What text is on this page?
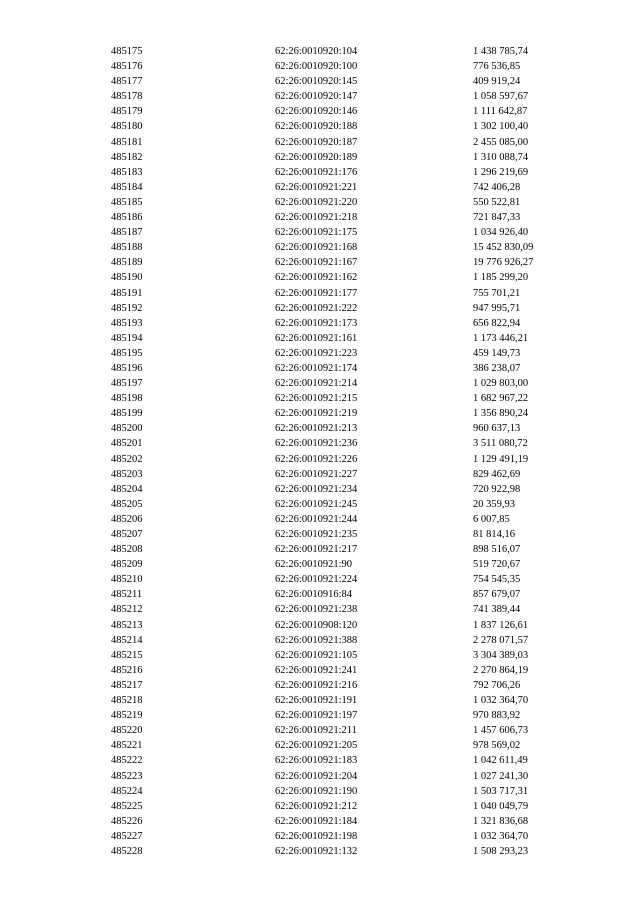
485175	62:26:0010920:104	1 438 785,74
485176	62:26:0010920:100	776 536,85
485177	62:26:0010920:145	409 919,24
485178	62:26:0010920:147	1 058 597,67
485179	62:26:0010920:146	1 111 642,87
485180	62:26:0010920:188	1 302 100,40
485181	62:26:0010920:187	2 455 085,00
485182	62:26:0010920:189	1 310 088,74
485183	62:26:0010921:176	1 296 219,69
485184	62:26:0010921:221	742 406,28
485185	62:26:0010921:220	550 522,81
485186	62:26:0010921:218	721 847,33
485187	62:26:0010921:175	1 034 926,40
485188	62:26:0010921:168	15 452 830,09
485189	62:26:0010921:167	19 776 926,27
485190	62:26:0010921:162	1 185 299,20
485191	62:26:0010921:177	755 701,21
485192	62:26:0010921:222	947 995,71
485193	62:26:0010921:173	656 822,94
485194	62:26:0010921:161	1 173 446,21
485195	62:26:0010921:223	459 149,73
485196	62:26:0010921:174	386 238,07
485197	62:26:0010921:214	1 029 803,00
485198	62:26:0010921:215	1 682 967,22
485199	62:26:0010921:219	1 356 890,24
485200	62:26:0010921:213	960 637,13
485201	62:26:0010921:236	3 511 080,72
485202	62:26:0010921:226	1 129 491,19
485203	62:26:0010921:227	829 462,69
485204	62:26:0010921:234	720 922,98
485205	62:26:0010921:245	20 359,93
485206	62:26:0010921:244	6 007,85
485207	62:26:0010921:235	81 814,16
485208	62:26:0010921:217	898 516,07
485209	62:26:0010921:90	519 720,67
485210	62:26:0010921:224	754 545,35
485211	62:26:0010916:84	857 679,07
485212	62:26:0010921:238	741 389,44
485213	62:26:0010908:120	1 837 126,61
485214	62:26:0010921:388	2 278 071,57
485215	62:26:0010921:105	3 304 389,03
485216	62:26:0010921:241	2 270 864,19
485217	62:26:0010921:216	792 706,26
485218	62:26:0010921:191	1 032 364,70
485219	62:26:0010921:197	970 883,92
485220	62:26:0010921:211	1 457 606,73
485221	62:26:0010921:205	978 569,02
485222	62:26:0010921:183	1 042 611,49
485223	62:26:0010921:204	1 027 241,30
485224	62:26:0010921:190	1 503 717,31
485225	62:26:0010921:212	1 040 049,79
485226	62:26:0010921:184	1 321 836,68
485227	62:26:0010921:198	1 032 364,70
485228	62:26:0010921:132	1 508 293,23
